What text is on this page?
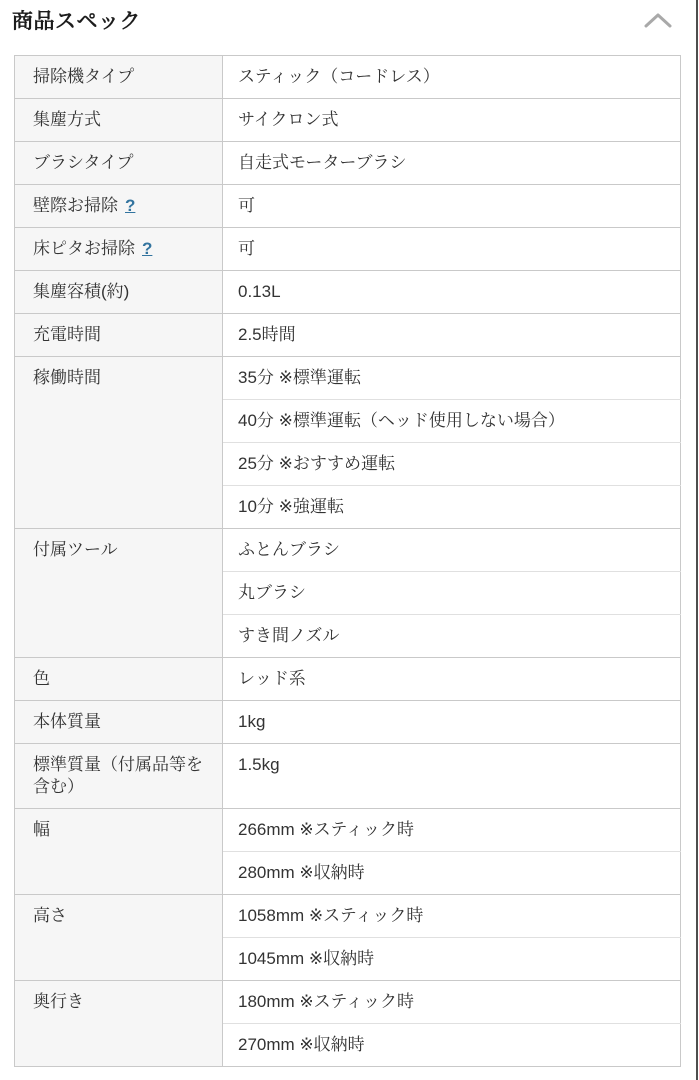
商品スペック
掃除機タイプ	スティック（コードレス）
集塵方式	サイクロン式
ブラシタイプ	自走式モーターブラシ
壁際お掃除 ?	可
床ピタお掃除 ?	可
集塵容積(約)	0.13L
充電時間	2.5時間
稼働時間	35分 ※標準運転
	40分 ※標準運転（ヘッド使用しない場合）
	25分 ※おすすめ運転
	10分 ※強運転
付属ツール	ふとんブラシ
	丸ブラシ
	すき間ノズル
色	レッド系
本体質量	1kg
標準質量（付属品等を含む）	1.5kg
幅	266mm ※スティック時
	280mm ※収納時
高さ	1058mm ※スティック時
	1045mm ※収納時
奥行き	180mm ※スティック時
	270mm ※収納時
